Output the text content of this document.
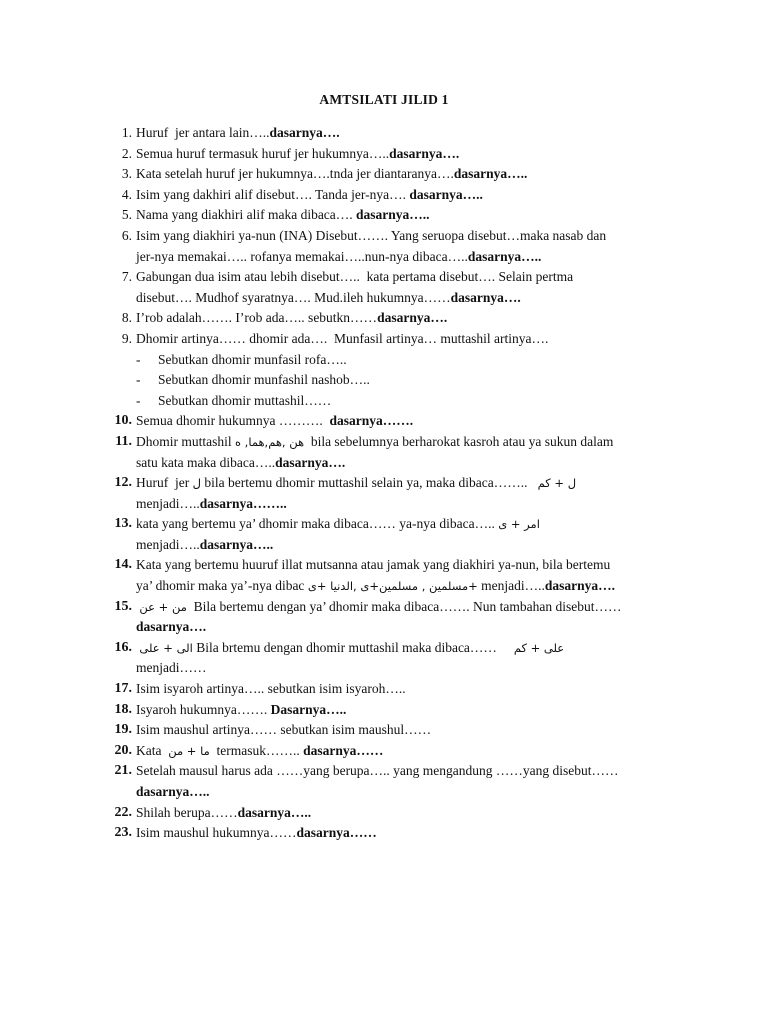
AMTSILATI JILID 1
1. Huruf  jer antara lain…..dasarnya….
2. Semua huruf termasuk huruf jer hukumnya…..dasarnya….
3. Kata setelah huruf jer hukumnya….tnda jer diantaranya….dasarnya…..
4. Isim yang dakhiri alif disebut…. Tanda jer-nya…. dasarnya…..
5. Nama yang diakhiri alif maka dibaca…. dasarnya…..
6. Isim yang diakhiri ya-nun (INA) Disebut……. Yang seruopa disebut…maka nasab dan
jer-nya memakai….. rofanya memakai…..nun-nya dibaca…..dasarnya…..
7. Gabungan dua isim atau lebih disebut…..  kata pertama disebut…. Selain pertma
disebut…. Mudhof syaratnya…. Mud.ileh hukumnya……dasarnya….
8. I’rob adalah……. I’rob ada….. sebutkn……dasarnya….
9. Dhomir artinya…… dhomir ada….  Munfasil artinya… muttashil artinya….
- Sebutkan dhomir munfasil rofa…..
- Sebutkan dhomir munfashil nashob…..
- Sebutkan dhomir muttashil……
10. Semua dhomir hukumnya ……….  dasarnya…….
11. Dhomir muttashil هن ,هم,هما, ه  bila sebelumnya berharokat kasroh atau ya sukun dalam
satu kata maka dibaca…..dasarnya….
12. Huruf  jer ل bila bertemu dhomir muttashil selain ya, maka dibaca……..   ل + كم
menjadi…..dasarnya……..
13. kata yang bertemu ya’ dhomir maka dibaca…… ya-nya dibaca….. امر + ى
menjadi…..dasarnya…..
14. Kata yang bertemu huuruf illat mutsanna atau jamak yang diakhiri ya-nun, bila bertemu
ya’ dhomir maka ya’-nya dibac +مسلمين , مسلمين+ى ,الدنيا +ى menjadi…..dasarnya….
15. من + عن  Bila bertemu dengan ya’ dhomir maka dibaca……. Nun tambahan disebut……
dasarnya….
16. الى + على Bila brtemu dengan dhomir muttashil maka dibaca……     على + كم
menjadi……
17. Isim isyaroh artinya….. sebutkan isim isyaroh…..
18. Isyaroh hukumnya……. Dasarnya…..
19. Isim maushul artinya…… sebutkan isim maushul……
20. Kata  ما + من  termasuk…….. dasarnya……
21. Setelah mausul harus ada ……yang berupa….. yang mengandung ……yang disebut……
dasarnya…..
22. Shilah berupa……dasarnya…..
23. Isim maushul hukumnya……dasarnya……
